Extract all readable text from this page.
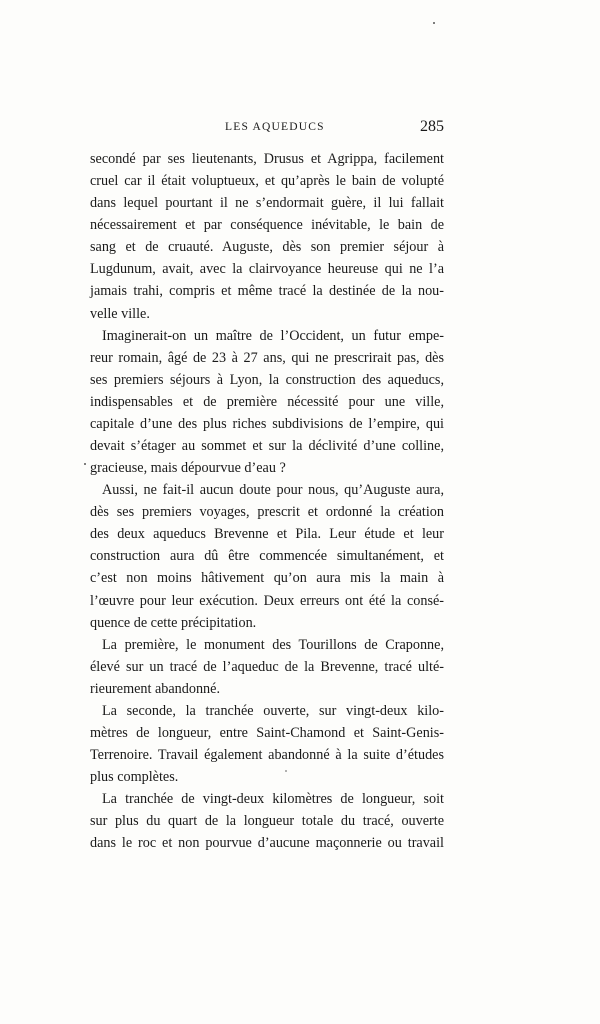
LES AQUEDUCS	285
secondé par ses lieutenants, Drusus et Agrippa, facilement
cruel car il était voluptueux, et qu’après le bain de volupté
dans lequel pourtant il ne s’endormait guère, il lui fallait
nécessairement et par conséquence inévitable, le bain de
sang et de cruauté. Auguste, dès son premier séjour à
Lugdunum, avait, avec la clairvoyance heureuse qui ne l’a
jamais trahi, compris et même tracé la destinée de la nou-
velle ville.
Imaginerait-on un maître de l’Occident, un futur empe-
reur romain, âgé de 23 à 27 ans, qui ne prescrirait pas, dès
ses premiers séjours à Lyon, la construction des aqueducs,
indispensables et de première nécessité pour une ville,
capitale d’une des plus riches subdivisions de l’empire, qui
devait s’étager au sommet et sur la déclivité d’une colline,
gracieuse, mais dépourvue d’eau ?
Aussi, ne fait-il aucun doute pour nous, qu’Auguste aura,
dès ses premiers voyages, prescrit et ordonné la création
des deux aqueducs Brevenne et Pila. Leur étude et leur
construction aura dû être commencée simultanément, et
c’est non moins hâtivement qu’on aura mis la main à
l’œuvre pour leur exécution. Deux erreurs ont été la consé-
quence de cette précipitation.
La première, le monument des Tourillons de Craponne,
élevé sur un tracé de l’aqueduc de la Brevenne, tracé ulté-
rieurement abandonné.
La seconde, la tranchée ouverte, sur vingt-deux kilo-
mètres de longueur, entre Saint-Chamond et Saint-Genis-
Terrenoire. Travail également abandonné à la suite d’études
plus complètes.
La tranchée de vingt-deux kilomètres de longueur, soit
sur plus du quart de la longueur totale du tracé, ouverte
dans le roc et non pourvue d’aucune maçonnerie ou travail
